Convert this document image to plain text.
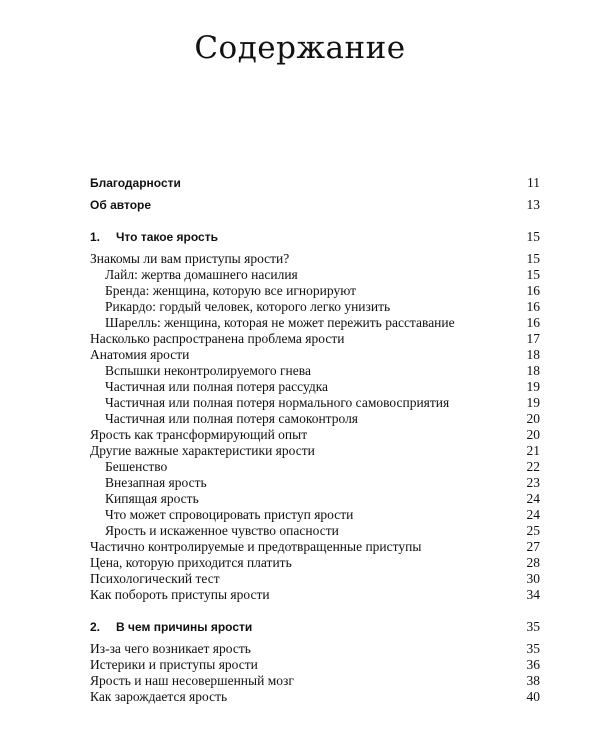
Содержание
Благодарности	11
Об авторе	13
1. Что такое ярость	15
Знакомы ли вам приступы ярости?	15
Лайл: жертва домашнего насилия	15
Бренда: женщина, которую все игнорируют	16
Рикардо: гордый человек, которого легко унизить	16
Шарелль: женщина, которая не может пережить расставание	16
Насколько распространена проблема ярости	17
Анатомия ярости	18
Вспышки неконтролируемого гнева	18
Частичная или полная потеря рассудка	19
Частичная или полная потеря нормального самовосприятия	19
Частичная или полная потеря самоконтроля	20
Ярость как трансформирующий опыт	20
Другие важные характеристики ярости	21
Бешенство	22
Внезапная ярость	23
Кипящая ярость	24
Что может спровоцировать приступ ярости	24
Ярость и искаженное чувство опасности	25
Частично контролируемые и предотвращенные приступы	27
Цена, которую приходится платить	28
Психологический тест	30
Как побороть приступы ярости	34
2. В чем причины ярости	35
Из-за чего возникает ярость	35
Истерики и приступы ярости	36
Ярость и наш несовершенный мозг	38
Как зарождается ярость	40
